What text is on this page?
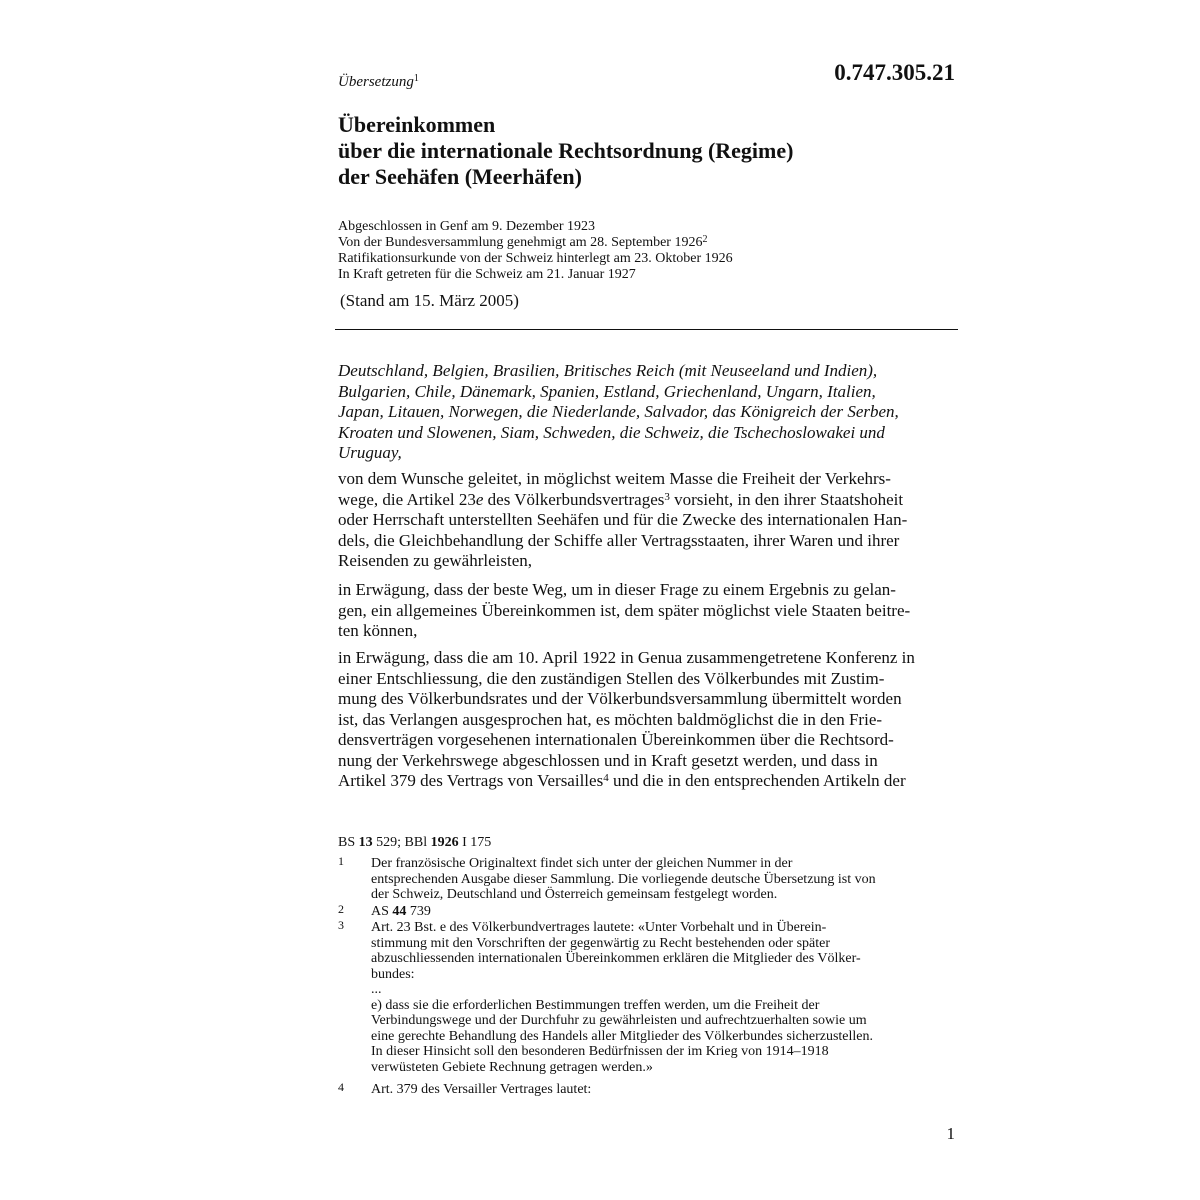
0.747.305.21
Übersetzung$^1$
Übereinkommen
über die internationale Rechtsordnung (Regime)
der Seehäfen (Meerhäfen)
Abgeschlossen in Genf am 9. Dezember 1923
Von der Bundesversammlung genehmigt am 28. September 1926$^2$
Ratifikationsurkunde von der Schweiz hinterlegt am 23. Oktober 1926
In Kraft getreten für die Schweiz am 21. Januar 1927
(Stand am 15. März 2005)
Deutschland, Belgien, Brasilien, Britisches Reich (mit Neuseeland und Indien),
Bulgarien, Chile, Dänemark, Spanien, Estland, Griechenland, Ungarn, Italien,
Japan, Litauen, Norwegen, die Niederlande, Salvador, das Königreich der Serben,
Kroaten und Slowenen, Siam, Schweden, die Schweiz, die Tschechoslowakei und
Uruguay,
von dem Wunsche geleitet, in möglichst weitem Masse die Freiheit der Verkehrs-
wege, die Artikel 23e des Völkerbundsvertrages$^3$ vorsieht, in den ihrer Staatshoheit
oder Herrschaft unterstellten Seehäfen und für die Zwecke des internationalen Han-
dels, die Gleichbehandlung der Schiffe aller Vertragsstaaten, ihrer Waren und ihrer
Reisenden zu gewährleisten,
in Erwägung, dass der beste Weg, um in dieser Frage zu einem Ergebnis zu gelan-
gen, ein allgemeines Übereinkommen ist, dem später möglichst viele Staaten beitre-
ten können,
in Erwägung, dass die am 10. April 1922 in Genua zusammengetretene Konferenz in
einer Entschliessung, die den zuständigen Stellen des Völkerbundes mit Zustim-
mung des Völkerbundsrates und der Völkerbundsversammlung übermittelt worden
ist, das Verlangen ausgesprochen hat, es möchten baldmöglichst die in den Frie-
densverträgen vorgesehenen internationalen Übereinkommen über die Rechtsord-
nung der Verkehrswege abgeschlossen und in Kraft gesetzt werden, und dass in
Artikel 379 des Vertrags von Versailles$^4$ und die in den entsprechenden Artikeln der
BS 13 529; BBl 1926 I 175
1 Der französische Originaltext findet sich unter der gleichen Nummer in der
entsprechenden Ausgabe dieser Sammlung. Die vorliegende deutsche Übersetzung ist von
der Schweiz, Deutschland und Österreich gemeinsam festgelegt worden.
2 AS 44 739
3 Art. 23 Bst. e des Völkerbundvertrages lautete: «Unter Vorbehalt und in Überein-
stimmung mit den Vorschriften der gegenwärtig zu Recht bestehenden oder später
abzuschliessenden internationalen Übereinkommen erklären die Mitglieder des Völker-
bundes:
...
e) dass sie die erforderlichen Bestimmungen treffen werden, um die Freiheit der
Verbindungswege und der Durchfuhr zu gewährleisten und aufrechtzuerhalten sowie um
eine gerechte Behandlung des Handels aller Mitglieder des Völkerbundes sicherzustellen.
In dieser Hinsicht soll den besonderen Bedürfnissen der im Krieg von 1914–1918
verwüsteten Gebiete Rechnung getragen werden.»
4 Art. 379 des Versailler Vertrages lautet:
1
